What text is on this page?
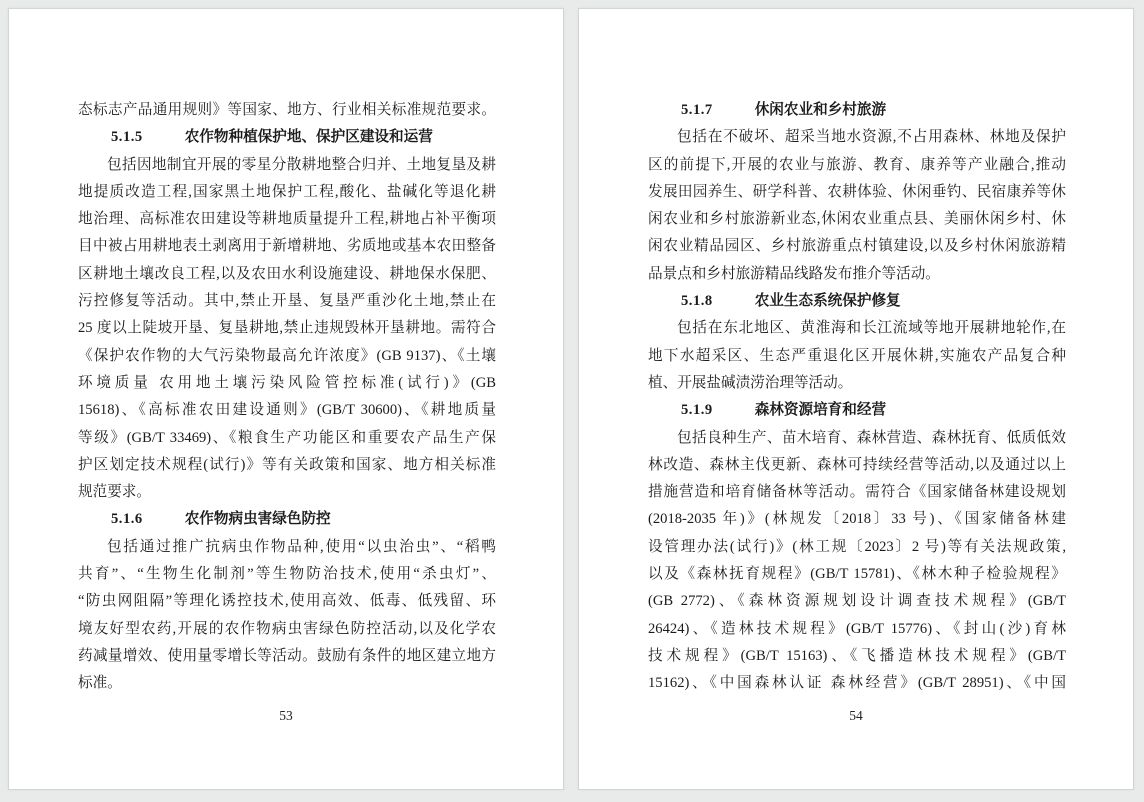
态标志产品通用规则》等国家、地方、行业相关标准规范要求。
5.1.5	农作物种植保护地、保护区建设和运营
包括因地制宜开展的零星分散耕地整合归并、土地复垦及耕
地提质改造工程,国家黑土地保护工程,酸化、盐碱化等退化耕
地治理、高标准农田建设等耕地质量提升工程,耕地占补平衡项
目中被占用耕地表土剥离用于新增耕地、劣质地或基本农田整备
区耕地土壤改良工程,以及农田水利设施建设、耕地保水保肥、
污控修复等活动。其中,禁止开垦、复垦严重沙化土地,禁止在
25 度以上陡坡开垦、复垦耕地,禁止违规毁林开垦耕地。需符合
《保护农作物的大气污染物最高允许浓度》(GB 9137)、《土壤
环境质量 农用地土壤污染风险管控标准(试行)》(GB
15618)、《高标准农田建设通则》(GB/T 30600)、《耕地质量
等级》(GB/T 33469)、《粮食生产功能区和重要农产品生产保
护区划定技术规程(试行)》等有关政策和国家、地方相关标准
规范要求。
5.1.6	农作物病虫害绿色防控
包括通过推广抗病虫作物品种,使用“以虫治虫”、“稻鸭
共育”、“生物生化制剂”等生物防治技术,使用“杀虫灯”、
“防虫网阻隔”等理化诱控技术,使用高效、低毒、低残留、环
境友好型农药,开展的农作物病虫害绿色防控活动,以及化学农
药减量增效、使用量零增长等活动。鼓励有条件的地区建立地方
标准。
53
5.1.7	休闲农业和乡村旅游
包括在不破坏、超采当地水资源,不占用森林、林地及保护
区的前提下,开展的农业与旅游、教育、康养等产业融合,推动
发展田园养生、研学科普、农耕体验、休闲垂钓、民宿康养等休
闲农业和乡村旅游新业态,休闲农业重点县、美丽休闲乡村、休
闲农业精品园区、乡村旅游重点村镇建设,以及乡村休闲旅游精
品景点和乡村旅游精品线路发布推介等活动。
5.1.8	农业生态系统保护修复
包括在东北地区、黄淮海和长江流域等地开展耕地轮作,在
地下水超采区、生态严重退化区开展休耕,实施农产品复合种
植、开展盐碱渍涝治理等活动。
5.1.9	森林资源培育和经营
包括良种生产、苗木培育、森林营造、森林抚育、低质低效
林改造、森林主伐更新、森林可持续经营等活动,以及通过以上
措施营造和培育储备林等活动。需符合《国家储备林建设规划
(2018-2035 年)》(林规发〔2018〕33 号)、《国家储备林建
设管理办法(试行)》(林工规〔2023〕2 号)等有关法规政策,
以及《森林抚育规程》(GB/T 15781)、《林木种子检验规程》
(GB 2772)、《森林资源规划设计调查技术规程》(GB/T
26424)、《造林技术规程》(GB/T 15776)、《封山(沙)育林
技术规程》(GB/T 15163)、《飞播造林技术规程》(GB/T
15162)、《中国森林认证 森林经营》(GB/T 28951)、《中国
54
